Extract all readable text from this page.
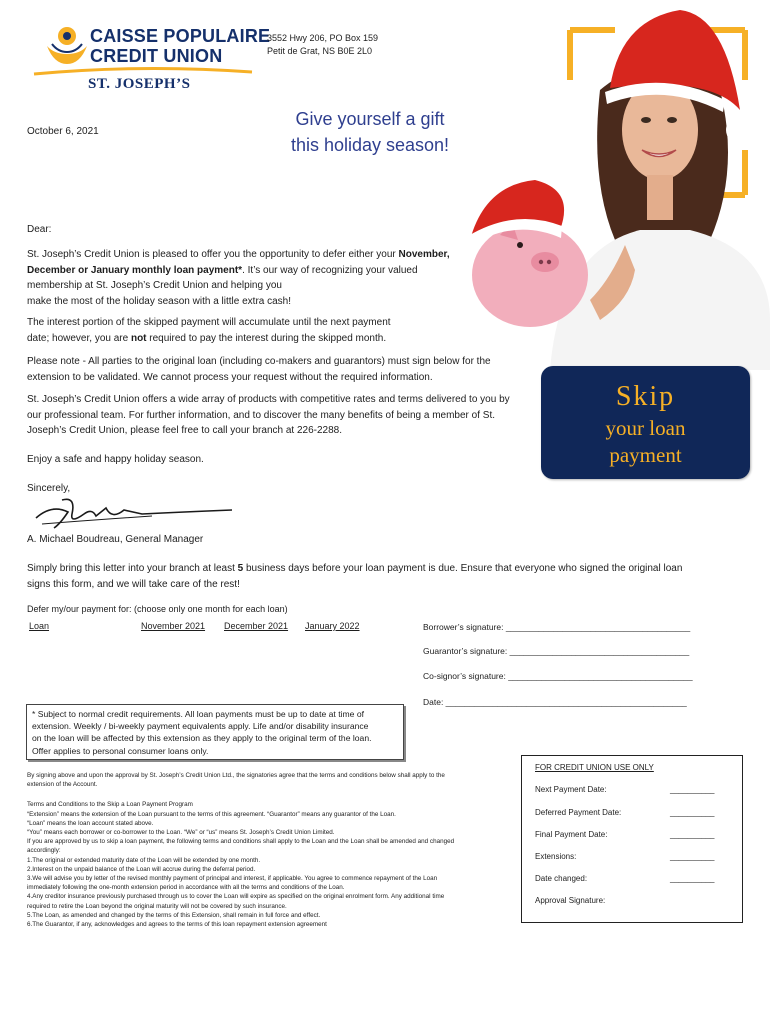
CAISSE POPULAIRE
CREDIT UNION
ST. JOSEPH’S
3552 Hwy 206, PO Box 159
Petit de Grat, NS B0E 2L0
October 6, 2021
Give yourself a gift
this holiday season!
Skip
your loan
payment
Dear:
St. Joseph’s Credit Union is pleased to offer you the opportunity to defer either your November,
December or January monthly loan payment*. It’s our way of recognizing your valued
membership at St. Joseph’s Credit Union and helping you
make the most of the holiday season with a little extra cash!
The interest portion of the skipped payment will accumulate until the next payment
date; however, you are not required to pay the interest during the skipped month.
Please note - All parties to the original loan (including co-makers and guarantors) must sign below for the
extension to be validated. We cannot process your request without the required information.
St. Joseph’s Credit Union offers a wide array of products with competitive rates and terms delivered to you by
our professional team. For further information, and to discover the many benefits of being a member of St.
Joseph’s Credit Union, please feel free to call your branch at 226-2288.
Enjoy a safe and happy holiday season.
Sincerely,
A. Michael Boudreau, General Manager
Simply bring this letter into your branch at least 5 business days before your loan payment is due. Ensure that everyone who signed the original loan
signs this form, and we will take care of the rest!
Defer my/our payment for: (choose only one month for each loan)
Loan	November 2021 December 2021 January 2022	Borrower’s signature: _______________________________________
Guarantor’s signature: ______________________________________
Co-signor’s signature: _______________________________________
Date: ___________________________________________________
* Subject to normal credit requirements. All loan payments must be up to date at time of
extension. Weekly / bi-weekly payment equivalents apply. Life and/or disability insurance
on the loan will be affected by this extension as they apply to the original term of the loan.
Offer applies to personal consumer loans only.
By signing above and upon the approval by St. Joseph’s Credit Union Ltd., the signatories agree that the terms and conditions below shall apply to the
extension of the Account.
Terms and Conditions to the Skip a Loan Payment Program
“Extension” means the extension of the Loan pursuant to the terms of this agreement. “Guarantor” means any guarantor of the Loan.
“Loan” means the loan account stated above.
“You” means each borrower or co-borrower to the Loan. “We” or “us” means St. Joseph’s Credit Union Limited.
If you are approved by us to skip a loan payment, the following terms and conditions shall apply to the Loan and the Loan shall be amended and changed
accordingly:
1.The original or extended maturity date of the Loan will be extended by one month.
2.Interest on the unpaid balance of the Loan will accrue during the deferral period.
3.We will advise you by letter of the revised monthly payment of principal and interest, if applicable. You agree to commence repayment of the Loan
immediately following the one-month extension period in accordance with all the terms and conditions of the Loan.
4.Any creditor insurance previously purchased through us to cover the Loan will expire as specified on the original enrolment form. Any additional time
required to retire the Loan beyond the original maturity will not be covered by such insurance.
5.The Loan, as amended and changed by the terms of this Extension, shall remain in full force and effect.
6.The Guarantor, if any, acknowledges and agrees to the terms of this loan repayment extension agreement
FOR CREDIT UNION USE ONLY
Next Payment Date:	__________
Deferred Payment Date:	__________
Final Payment Date:	__________
Extensions:	__________
Date changed:	__________
Approval Signature:
